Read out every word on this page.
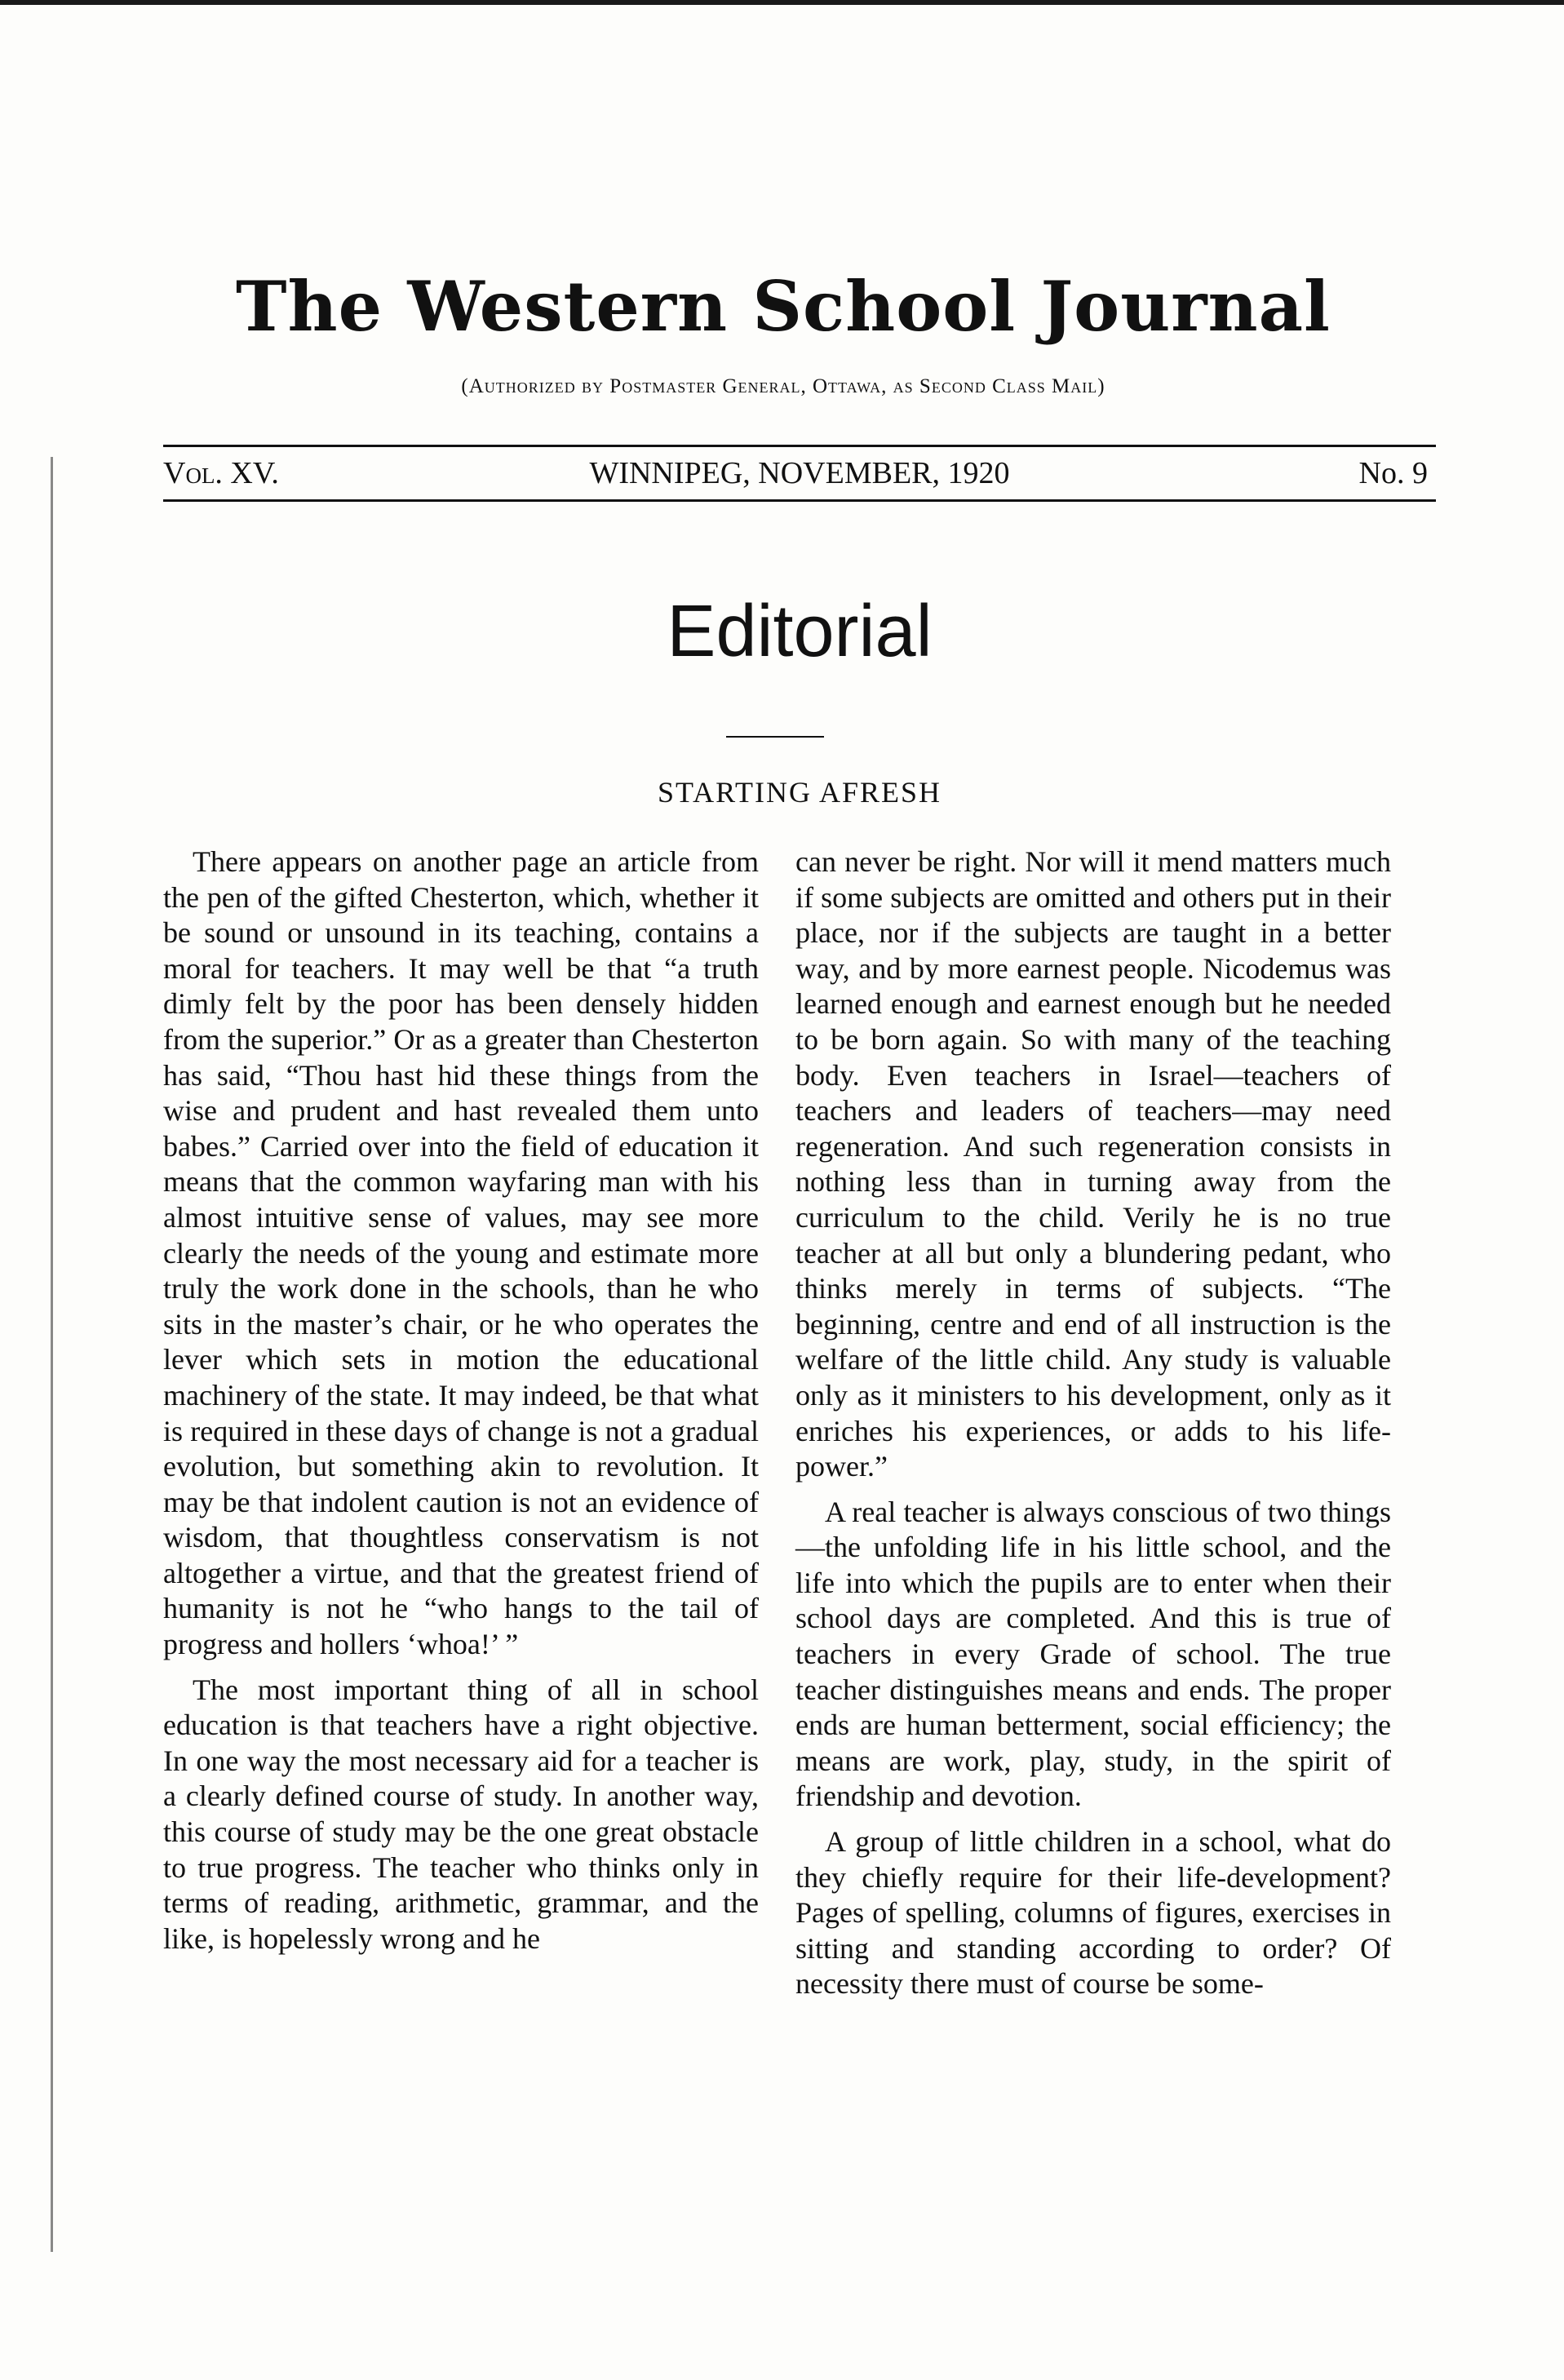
The Western School Journal
(Authorized by Postmaster General, Ottawa, as Second Class Mail)
Vol. XV.	WINNIPEG, NOVEMBER, 1920	No. 9
Editorial
STARTING AFRESH

There appears on another page an article from the pen of the gifted Chesterton, which, whether it be sound or unsound in its teaching, contains a moral for teachers. It may well be that “a truth dimly felt by the poor has been densely hidden from the superior.” Or as a greater than Chesterton has said, “Thou hast hid these things from the wise and prudent and hast revealed them unto babes.” Carried over into the field of education it means that the common wayfaring man with his almost intuitive sense of values, may see more clearly the needs of the young and estimate more truly the work done in the schools, than he who sits in the master’s chair, or he who operates the lever which sets in motion the educational machinery of the state. It may indeed, be that what is required in these days of change is not a gradual evolution, but something akin to revolution. It may be that indolent caution is not an evidence of wisdom, that thoughtless conservatism is not altogether a virtue, and that the greatest friend of humanity is not he “who hangs to the tail of progress and hollers ‘whoa!’ ”

The most important thing of all in school education is that teachers have a right objective. In one way the most necessary aid for a teacher is a clearly defined course of study. In another way, this course of study may be the one great obstacle to true progress. The teacher who thinks only in terms of reading, arithmetic, grammar, and the like, is hopelessly wrong and he

can never be right. Nor will it mend matters much if some subjects are omitted and others put in their place, nor if the subjects are taught in a better way, and by more earnest people. Nicodemus was learned enough and earnest enough but he needed to be born again. So with many of the teaching body. Even teachers in Israel—teachers of teachers and leaders of teachers—may need regeneration. And such regeneration consists in nothing less than in turning away from the curriculum to the child. Verily he is no true teacher at all but only a blundering pedant, who thinks merely in terms of subjects. “The beginning, centre and end of all instruction is the welfare of the little child. Any study is valuable only as it ministers to his development, only as it enriches his experiences, or adds to his life-power.”

A real teacher is always conscious of two things—the unfolding life in his little school, and the life into which the pupils are to enter when their school days are completed. And this is true of teachers in every Grade of school. The true teacher distinguishes means and ends. The proper ends are human betterment, social efficiency; the means are work, play, study, in the spirit of friendship and devotion.

A group of little children in a school, what do they chiefly require for their life-development? Pages of spelling, columns of figures, exercises in sitting and standing according to order? Of necessity there must of course be some-
